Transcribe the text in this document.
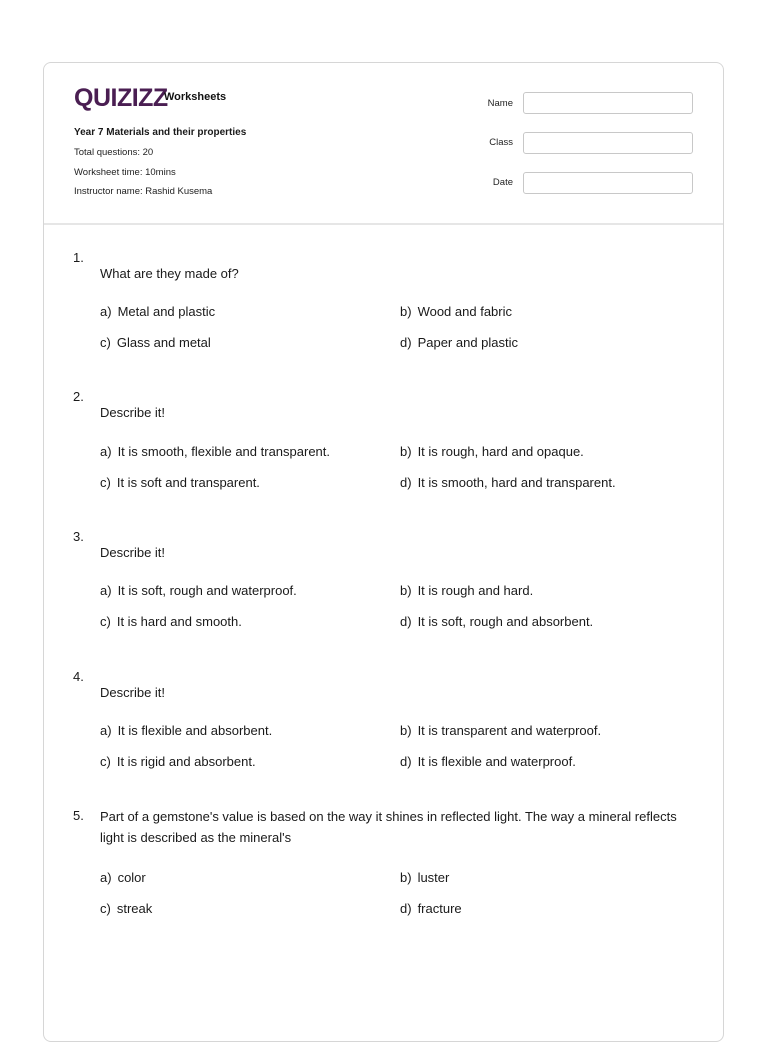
QUIZIZZ
Worksheets
Year 7 Materials and their properties
Total questions: 20
Worksheet time: 10mins
Instructor name: Rashid Kusema
Name
Class
Date
1.
What are they made of?
a) Metal and plastic	b) Wood and fabric
c) Glass and metal	d) Paper and plastic
2.
Describe it!
a) It is smooth, flexible and transparent.	b) It is rough, hard and opaque.
c) It is soft and transparent.	d) It is smooth, hard and transparent.
3.
Describe it!
a) It is soft, rough and waterproof.	b) It is rough and hard.
c) It is hard and smooth.	d) It is soft, rough and absorbent.
4.
Describe it!
a) It is flexible and absorbent.	b) It is transparent and waterproof.
c) It is rigid and absorbent.	d) It is flexible and waterproof.
5. Part of a gemstone's value is based on the way it shines in reflected light. The way a mineral reflects light is described as the mineral's
a) color	b) luster
c) streak	d) fracture
